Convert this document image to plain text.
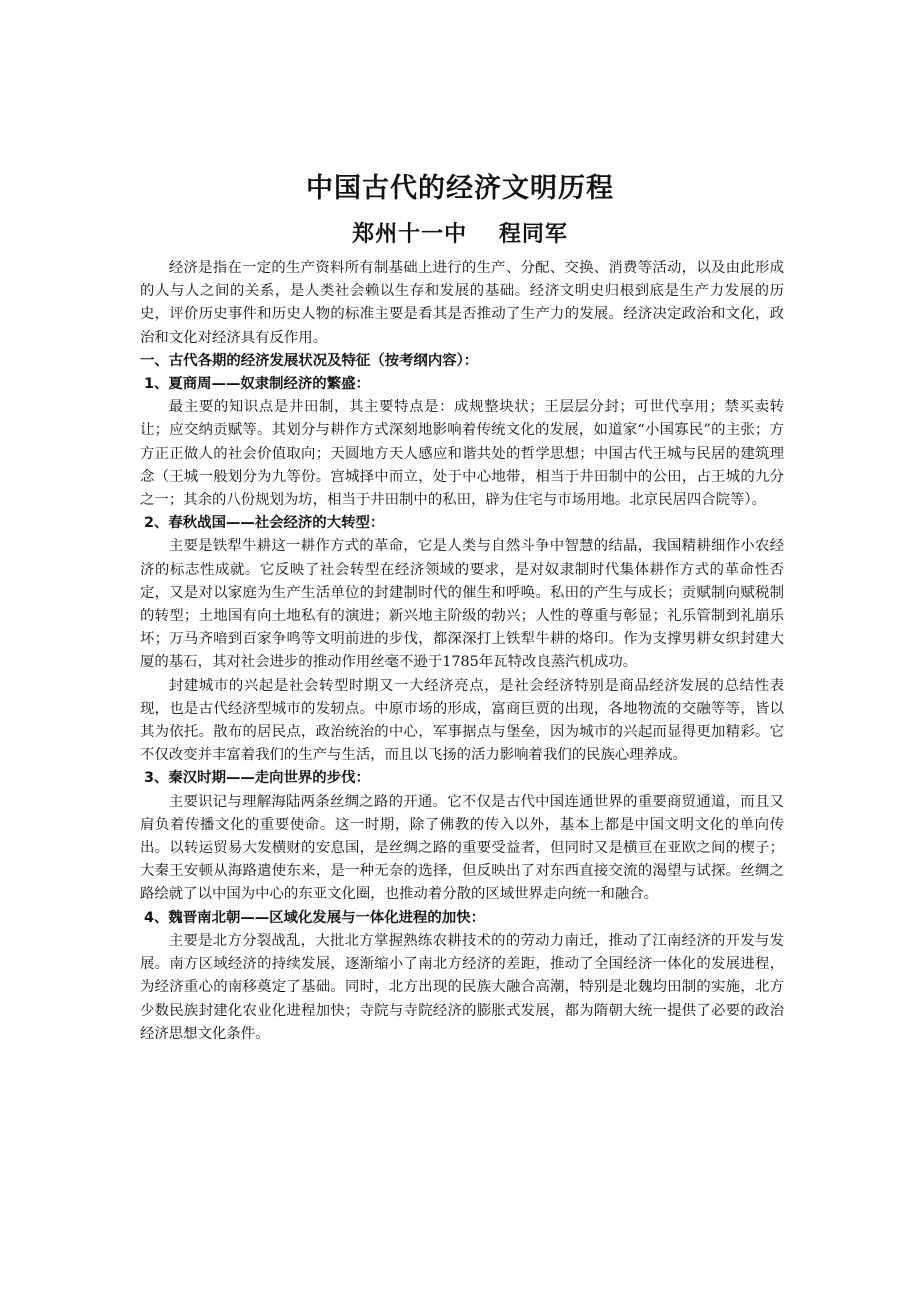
中国古代的经济文明历程
郑州十一中　 程同军

经济是指在一定的生产资料所有制基础上进行的生产、分配、交换、消费等活动，以及由此形成的人与人之间的关系，是人类社会赖以生存和发展的基础。经济文明史归根到底是生产力发展的历史，评价历史事件和历史人物的标准主要是看其是否推动了生产力的发展。经济决定政治和文化，政治和文化对经济具有反作用。

一、古代各期的经济发展状况及特征（按考纲内容）：

1、夏商周——奴隶制经济的繁盛：

最主要的知识点是井田制，其主要特点是：成规整块状；王层层分封；可世代享用；禁买卖转让；应交纳贡赋等。其划分与耕作方式深刻地影响着传统文化的发展，如道家“小国寡民”的主张；方方正正做人的社会价值取向；天圆地方天人感应和谐共处的哲学思想；中国古代王城与民居的建筑理念（王城一般划分为九等份。宫城择中而立，处于中心地带，相当于井田制中的公田，占王城的九分之一；其余的八份规划为坊，相当于井田制中的私田，辟为住宅与市场用地。北京民居四合院等）。

2、春秋战国——社会经济的大转型：

主要是铁犁牛耕这一耕作方式的革命，它是人类与自然斗争中智慧的结晶，我国精耕细作小农经济的标志性成就。它反映了社会转型在经济领域的要求，是对奴隶制时代集体耕作方式的革命性否定，又是对以家庭为生产生活单位的封建制时代的催生和呼唤。私田的产生与成长；贡赋制向赋税制的转型；土地国有向土地私有的演进；新兴地主阶级的勃兴；人性的尊重与彰显；礼乐管制到礼崩乐坏；万马齐喑到百家争鸣等文明前进的步伐，都深深打上铁犁牛耕的烙印。作为支撑男耕女织封建大厦的基石，其对社会进步的推动作用丝毫不逊于1785年瓦特改良蒸汽机成功。

封建城市的兴起是社会转型时期又一大经济亮点，是社会经济特别是商品经济发展的总结性表现，也是古代经济型城市的发轫点。中原市场的形成，富商巨贾的出现，各地物流的交融等等，皆以其为依托。散布的居民点，政治统治的中心，军事据点与堡垒，因为城市的兴起而显得更加精彩。它不仅改变并丰富着我们的生产与生活，而且以飞扬的活力影响着我们的民族心理养成。

3、秦汉时期——走向世界的步伐：

主要识记与理解海陆两条丝绸之路的开通。它不仅是古代中国连通世界的重要商贸通道，而且又肩负着传播文化的重要使命。这一时期，除了佛教的传入以外，基本上都是中国文明文化的单向传出。以转运贸易大发横财的安息国，是丝绸之路的重要受益者，但同时又是横亘在亚欧之间的楔子；大秦王安顿从海路遣使东来，是一种无奈的选择，但反映出了对东西直接交流的渴望与试探。丝绸之路绘就了以中国为中心的东亚文化圈，也推动着分散的区域世界走向统一和融合。

4、魏晋南北朝——区域化发展与一体化进程的加快：

主要是北方分裂战乱，大批北方掌握熟练农耕技术的的劳动力南迁，推动了江南经济的开发与发展。南方区域经济的持续发展，逐渐缩小了南北方经济的差距，推动了全国经济一体化的发展进程，为经济重心的南移奠定了基础。同时，北方出现的民族大融合高潮，特别是北魏均田制的实施，北方少数民族封建化农业化进程加快；寺院与寺院经济的膨胀式发展，都为隋朝大统一提供了必要的政治经济思想文化条件。
